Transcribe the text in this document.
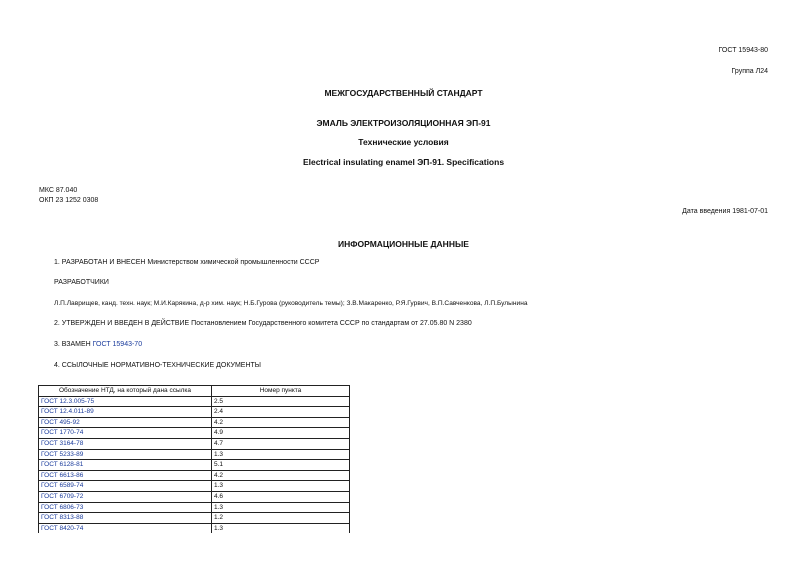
ГОСТ 15943-80
Группа Л24
МЕЖГОСУДАРСТВЕННЫЙ СТАНДАРТ
ЭМАЛЬ ЭЛЕКТРОИЗОЛЯЦИОННАЯ ЭП-91
Технические условия
Electrical insulating enamel ЭП-91. Specifications
МКС 87.040
ОКП 23 1252 0308
Дата введения 1981-07-01
ИНФОРМАЦИОННЫЕ ДАННЫЕ
1. РАЗРАБОТАН И ВНЕСЕН Министерством химической промышленности СССР
РАЗРАБОТЧИКИ
Л.П.Лаврищев, канд. техн. наук; М.И.Карякина, д-р хим. наук; Н.Б.Гурова (руководитель темы); З.В.Макаренко, Р.Я.Гурвич, В.П.Савченкова, Л.П.Булынина
2. УТВЕРЖДЕН И ВВЕДЕН В ДЕЙСТВИЕ Постановлением Государственного комитета СССР по стандартам от 27.05.80 N 2380
3. ВЗАМЕН ГОСТ 15943-70
4. ССЫЛОЧНЫЕ НОРМАТИВНО-ТЕХНИЧЕСКИЕ ДОКУМЕНТЫ
Обозначение НТД, на который дана ссылка	Номер пункта
ГОСТ 12.3.005-75	2.5
ГОСТ 12.4.011-89	2.4
ГОСТ 495-92	4.2
ГОСТ 1770-74	4.9
ГОСТ 3164-78	4.7
ГОСТ 5233-89	1.3
ГОСТ 6128-81	5.1
ГОСТ 6613-86	4.2
ГОСТ 6589-74	1.3
ГОСТ 6709-72	4.6
ГОСТ 6806-73	1.3
ГОСТ 8313-88	1.2
ГОСТ 8420-74	1.3
